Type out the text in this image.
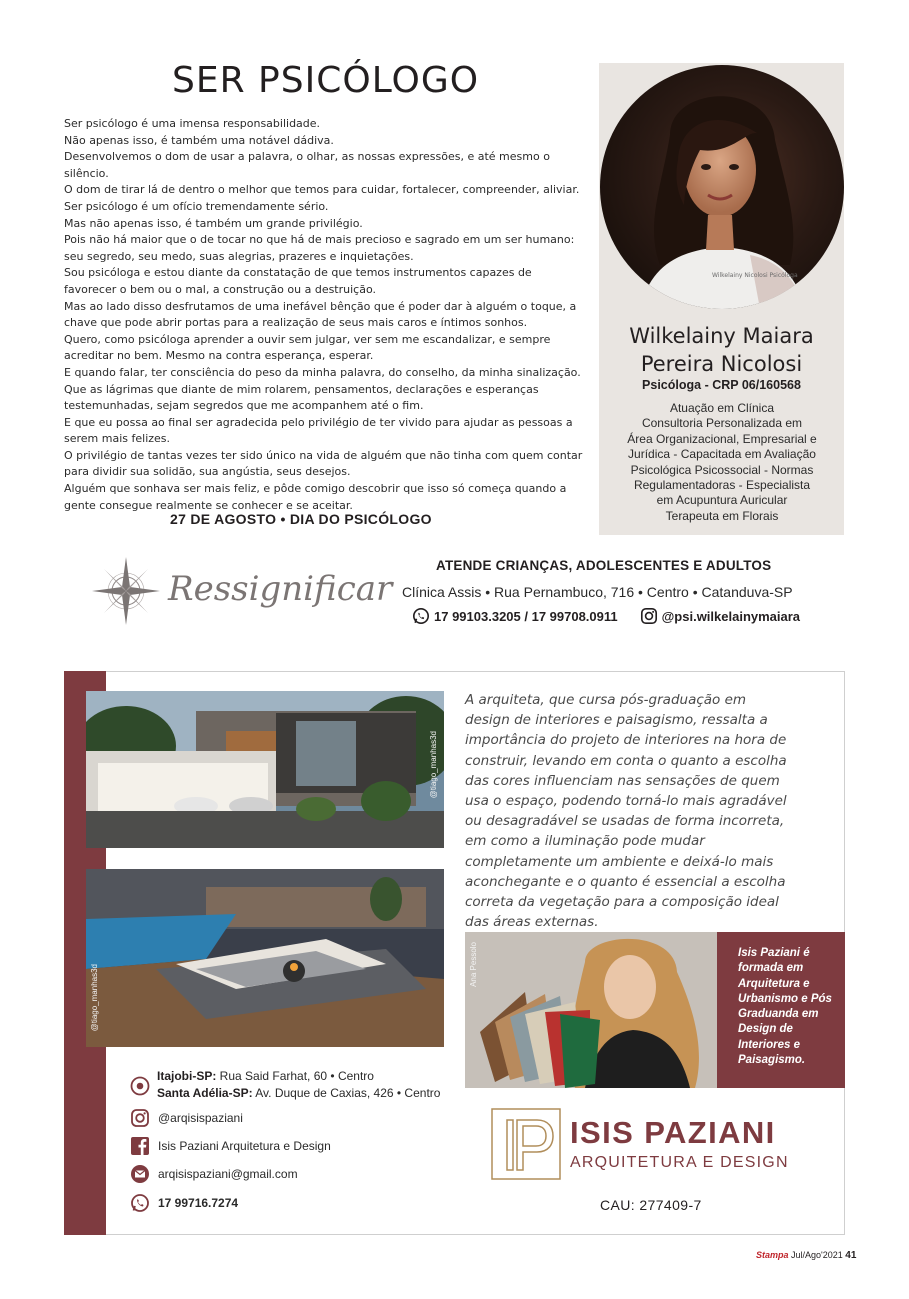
SER PSICÓLOGO

Ser psicólogo é uma imensa responsabilidade.

Não apenas isso, é também uma notável dádiva.

Desenvolvemos o dom de usar a palavra, o olhar, as nossas expressões, e até mesmo o silêncio.

O dom de tirar lá de dentro o melhor que temos para cuidar, fortalecer, compreender, aliviar.

Ser psicólogo é um ofício tremendamente sério.

Mas não apenas isso, é também um grande privilégio.

Pois não há maior que o de tocar no que há de mais precioso e sagrado em um ser humano: seu segredo, seu medo, suas alegrias, prazeres e inquietações.

Sou psicóloga e estou diante da constatação de que temos instrumentos capazes de favorecer o bem ou o mal, a construção ou a destruição.

Mas ao lado disso desfrutamos de uma inefável bênção que é poder dar à alguém o toque, a chave que pode abrir portas para a realização de seus mais caros e íntimos sonhos.

Quero, como psicóloga aprender a ouvir sem julgar, ver sem me escandalizar, e sempre acreditar no bem. Mesmo na contra esperança, esperar.

E quando falar, ter consciência do peso da minha palavra, do conselho, da minha sinalização.

Que as lágrimas que diante de mim rolarem, pensamentos, declarações e esperanças testemunhadas, sejam segredos que me acompanhem até o fim.

E que eu possa ao final ser agradecida pelo privilégio de ter vivido para ajudar as pessoas a serem mais felizes.

O privilégio de tantas vezes ter sido único na vida de alguém que não tinha com quem contar para dividir sua solidão, sua angústia, seus desejos.

Alguém que sonhava ser mais feliz, e pôde comigo descobrir que isso só começa quando a gente consegue realmente se conhecer e se aceitar.

27 DE AGOSTO • DIA DO PSICÓLOGO
Wilkelainy Nicolosi Psicóloga
Wilkelainy Maiara
Pereira Nicolosi
Psicóloga - CRP 06/160568
Atuação em Clínica
Consultoria Personalizada em
Área Organizacional, Empresarial e
Jurídica - Capacitada em Avaliação
Psicológica Psicossocial - Normas
Regulamentadoras - Especialista
em Acupuntura Auricular
Terapeuta em Florais
Ressignificar
ATENDE CRIANÇAS, ADOLESCENTES E ADULTOS
Clínica Assis • Rua Pernambuco, 716 • Centro • Catanduva-SP
17 99103.3205 / 17 99708.0911	@psi.wilkelainymaiara
@tiago_manhas3d
@tiago_manhas3d
A arquiteta, que cursa pós-graduação em design de interiores e paisagismo, ressalta a importância do projeto de interiores na hora de construir, levando em conta o quanto a escolha das cores influenciam nas sensações de quem usa o espaço, podendo torná-lo mais agradável ou desagradável se usadas de forma incorreta, em como a iluminação pode mudar completamente um ambiente e deixá-lo mais aconchegante e o quanto é essencial a escolha correta da vegetação para a composição ideal das áreas externas.
Ana Pessolo	Isis Paziani é formada em Arquitetura e Urbanismo e Pós Graduanda em Design de Interiores e Paisagismo.
Itajobi-SP: Rua Said Farhat, 60 • Centro
Santa Adélia-SP: Av. Duque de Caxias, 426 • Centro
@arqisispaziani
Isis Paziani Arquitetura e Design
arqisispaziani@gmail.com
17 99716.7274
ISIS PAZIANI
ARQUITETURA E DESIGN
CAU: 277409-7
Stampa Jul/Ago'2021 41
